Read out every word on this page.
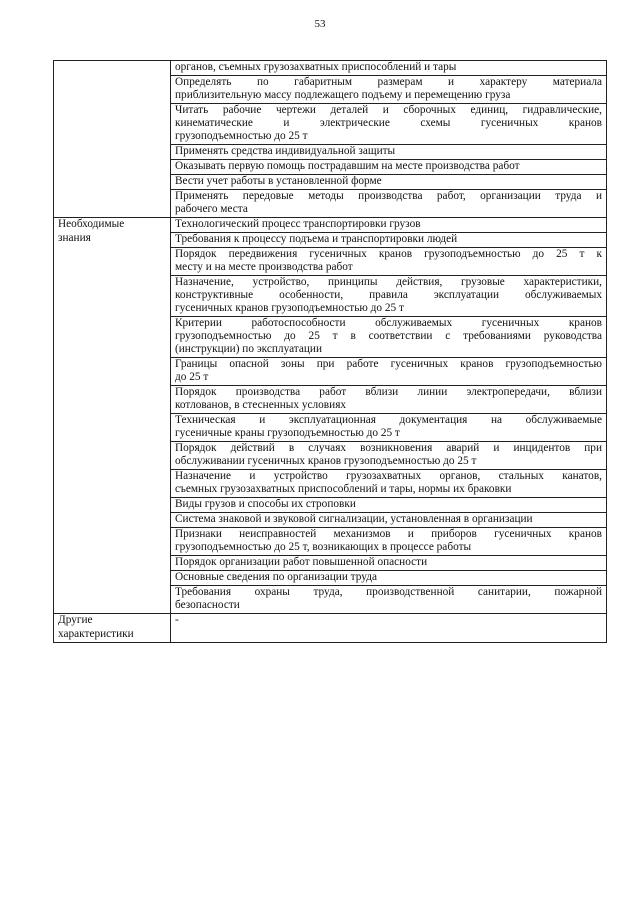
53

	органов, съемных грузозахватных приспособлений и тары

	Определять по габаритным размерам и характеру материала
приблизительную массу подлежащего подъему и перемещению груза

	Читать рабочие чертежи деталей и сборочных единиц, гидравлические,
кинематические и электрические схемы гусеничных кранов
грузоподъемностью до 25 т

	Применять средства индивидуальной защиты

	Оказывать первую помощь пострадавшим на месте производства работ

	Вести учет работы в установленной форме

	Применять передовые методы производства работ, организации труда и
рабочего места

Необходимые
знания	Технологический процесс транспортировки грузов

	Требования к процессу подъема и транспортировки людей

	Порядок передвижения гусеничных кранов грузоподъемностью до 25 т к
месту и на месте производства работ

	Назначение, устройство, принципы действия, грузовые характеристики,
конструктивные особенности, правила эксплуатации обслуживаемых
гусеничных кранов грузоподъемностью до 25 т

	Критерии работоспособности обслуживаемых гусеничных кранов
грузоподъемностью до 25 т в соответствии с требованиями руководства
(инструкции) по эксплуатации

	Границы опасной зоны при работе гусеничных кранов грузоподъемностью
до 25 т

	Порядок производства работ вблизи линии электропередачи, вблизи
котлованов, в стесненных условиях

	Техническая и эксплуатационная документация на обслуживаемые
гусеничные краны грузоподъемностью до 25 т

	Порядок действий в случаях возникновения аварий и инцидентов при
обслуживании гусеничных кранов грузоподъемностью до 25 т

	Назначение и устройство грузозахватных органов, стальных канатов,
съемных грузозахватных приспособлений и тары, нормы их браковки

	Виды грузов и способы их строповки

	Система знаковой и звуковой сигнализации, установленная в организации

	Признаки неисправностей механизмов и приборов гусеничных кранов
грузоподъемностью до 25 т, возникающих в процессе работы

	Порядок организации работ повышенной опасности

	Основные сведения по организации труда

	Требования охраны труда, производственной санитарии, пожарной
безопасности

Другие
характеристики	-
